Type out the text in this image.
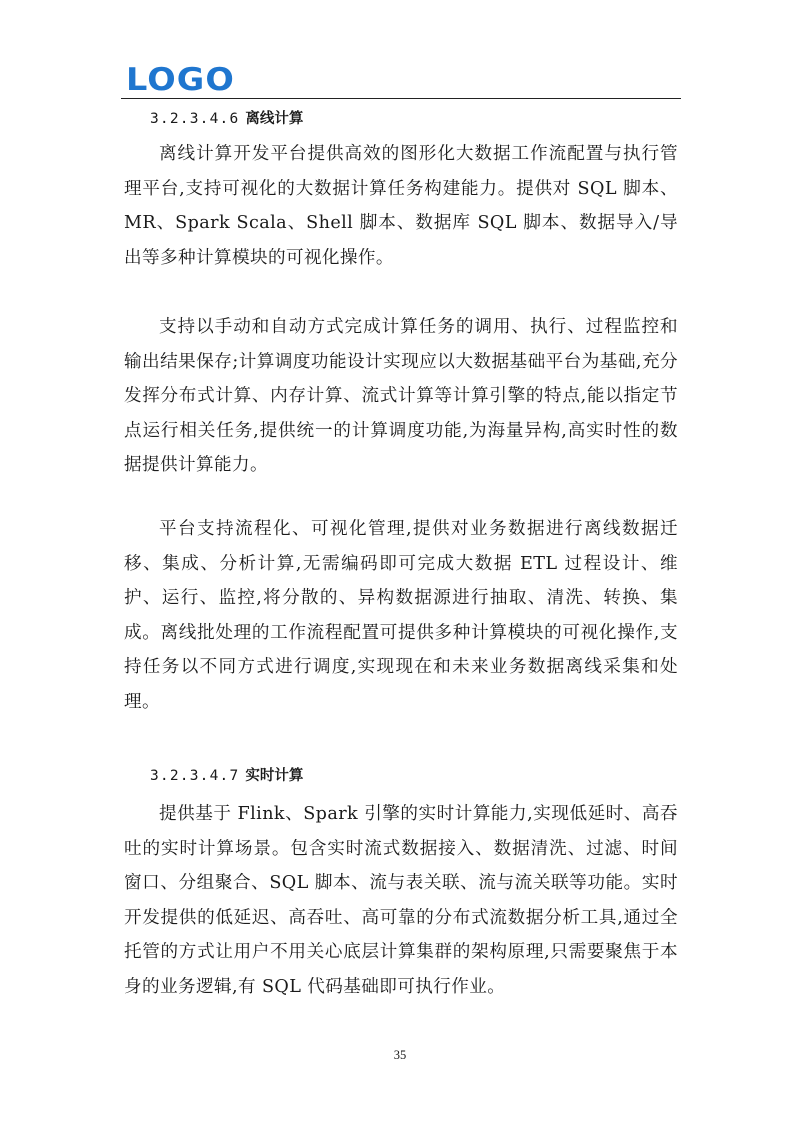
LOGO
3.2.3.4.6 离线计算
离线计算开发平台提供高效的图形化大数据工作流配置与执行管理平台,支持可视化的大数据计算任务构建能力。提供对 SQL 脚本、MR、Spark Scala、Shell 脚本、数据库 SQL 脚本、数据导入/导出等多种计算模块的可视化操作。
支持以手动和自动方式完成计算任务的调用、执行、过程监控和输出结果保存;计算调度功能设计实现应以大数据基础平台为基础,充分发挥分布式计算、内存计算、流式计算等计算引擎的特点,能以指定节点运行相关任务,提供统一的计算调度功能,为海量异构,高实时性的数据提供计算能力。
平台支持流程化、可视化管理,提供对业务数据进行离线数据迁移、集成、分析计算,无需编码即可完成大数据 ETL 过程设计、维护、运行、监控,将分散的、异构数据源进行抽取、清洗、转换、集成。离线批处理的工作流程配置可提供多种计算模块的可视化操作,支持任务以不同方式进行调度,实现现在和未来业务数据离线采集和处理。
3.2.3.4.7 实时计算
提供基于 Flink、Spark 引擎的实时计算能力,实现低延时、高吞吐的实时计算场景。包含实时流式数据接入、数据清洗、过滤、时间窗口、分组聚合、SQL 脚本、流与表关联、流与流关联等功能。实时开发提供的低延迟、高吞吐、高可靠的分布式流数据分析工具,通过全托管的方式让用户不用关心底层计算集群的架构原理,只需要聚焦于本身的业务逻辑,有 SQL 代码基础即可执行作业。
35
